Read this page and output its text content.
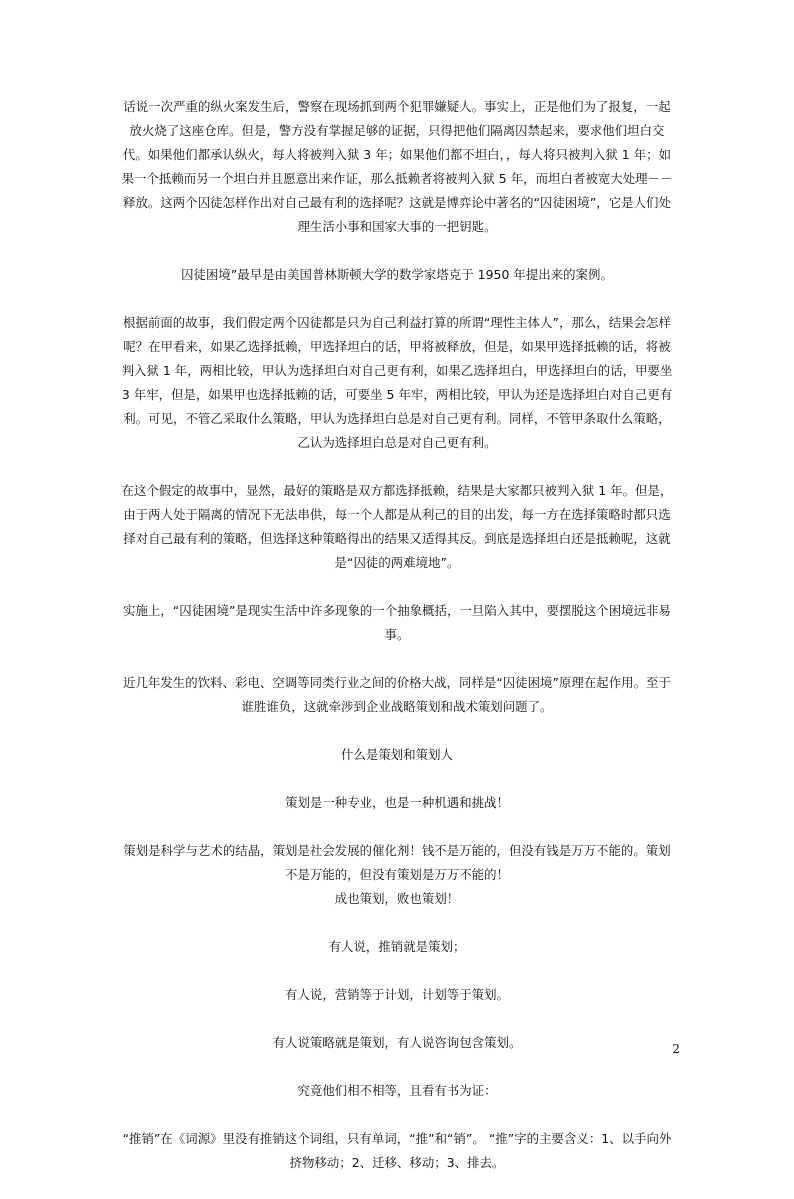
话说一次严重的纵火案发生后，警察在现场抓到两个犯罪嫌疑人。事实上，正是他们为了报复，一起放火烧了这座仓库。但是，警方没有掌握足够的证据，只得把他们隔离囚禁起来，要求他们坦白交代。如果他们都承认纵火，每人将被判入狱 3 年；如果他们都不坦白，，每人将只被判入狱 1 年；如果一个抵赖而另一个坦白并且愿意出来作证，那么抵赖者将被判入狱 5 年，而坦白者被宽大处理－－释放。这两个囚徒怎样作出对自己最有利的选择呢？这就是博弈论中著名的“囚徒困境”，它是人们处理生活小事和国家大事的一把钥匙。

囚徒困境”最早是由美国普林斯顿大学的数学家塔克于 1950 年提出来的案例。

根据前面的故事，我们假定两个囚徒都是只为自己利益打算的所谓“理性主体人”，那么，结果会怎样呢？在甲看来，如果乙选择抵赖，甲选择坦白的话，甲将被释放，但是，如果甲选择抵赖的话，将被判入狱 1 年，两相比较，甲认为选择坦白对自己更有利，如果乙选择坦白，甲选择坦白的话，甲要坐 3 年牢，但是，如果甲也选择抵赖的话，可要坐 5 年牢，两相比较，甲认为还是选择坦白对自己更有利。可见，不管乙采取什么策略，甲认为选择坦白总是对自己更有利。同样，不管甲条取什么策略，乙认为选择坦白总是对自己更有利。

在这个假定的故事中，显然，最好的策略是双方都选择抵赖，结果是大家都只被判入狱 1 年。但是，由于两人处于隔离的情况下无法串供，每一个人都是从利己的目的出发，每一方在选择策略时都只选择对自己最有利的策略，但选择这种策略得出的结果又适得其反。到底是选择坦白还是抵赖呢，这就是“囚徒的两难境地”。

实施上，“囚徒困境”是现实生活中许多现象的一个抽象概括，一旦陷入其中，要摆脱这个困境远非易事。

近几年发生的饮料、彩电、空调等同类行业之间的价格大战，同样是“囚徒困境”原理在起作用。至于谁胜谁负，这就牵涉到企业战略策划和战术策划问题了。

什么是策划和策划人

策划是一种专业，也是一种机遇和挑战！

策划是科学与艺术的结晶，策划是社会发展的催化剂！钱不是万能的，但没有钱是万万不能的。策划不是万能的，但没有策划是万万不能的！

成也策划，败也策划！

有人说，推销就是策划；

有人说，营销等于计划，计划等于策划。

有人说策略就是策划，有人说咨询包含策划。

究竟他们相不相等，且看有书为证：

“推销”在《词源》里没有推销这个词组，只有单词，“推”和“销”。 “推”字的主要含义：1、以手向外挤物移动；2、迁移、移动；3、排去。

2
